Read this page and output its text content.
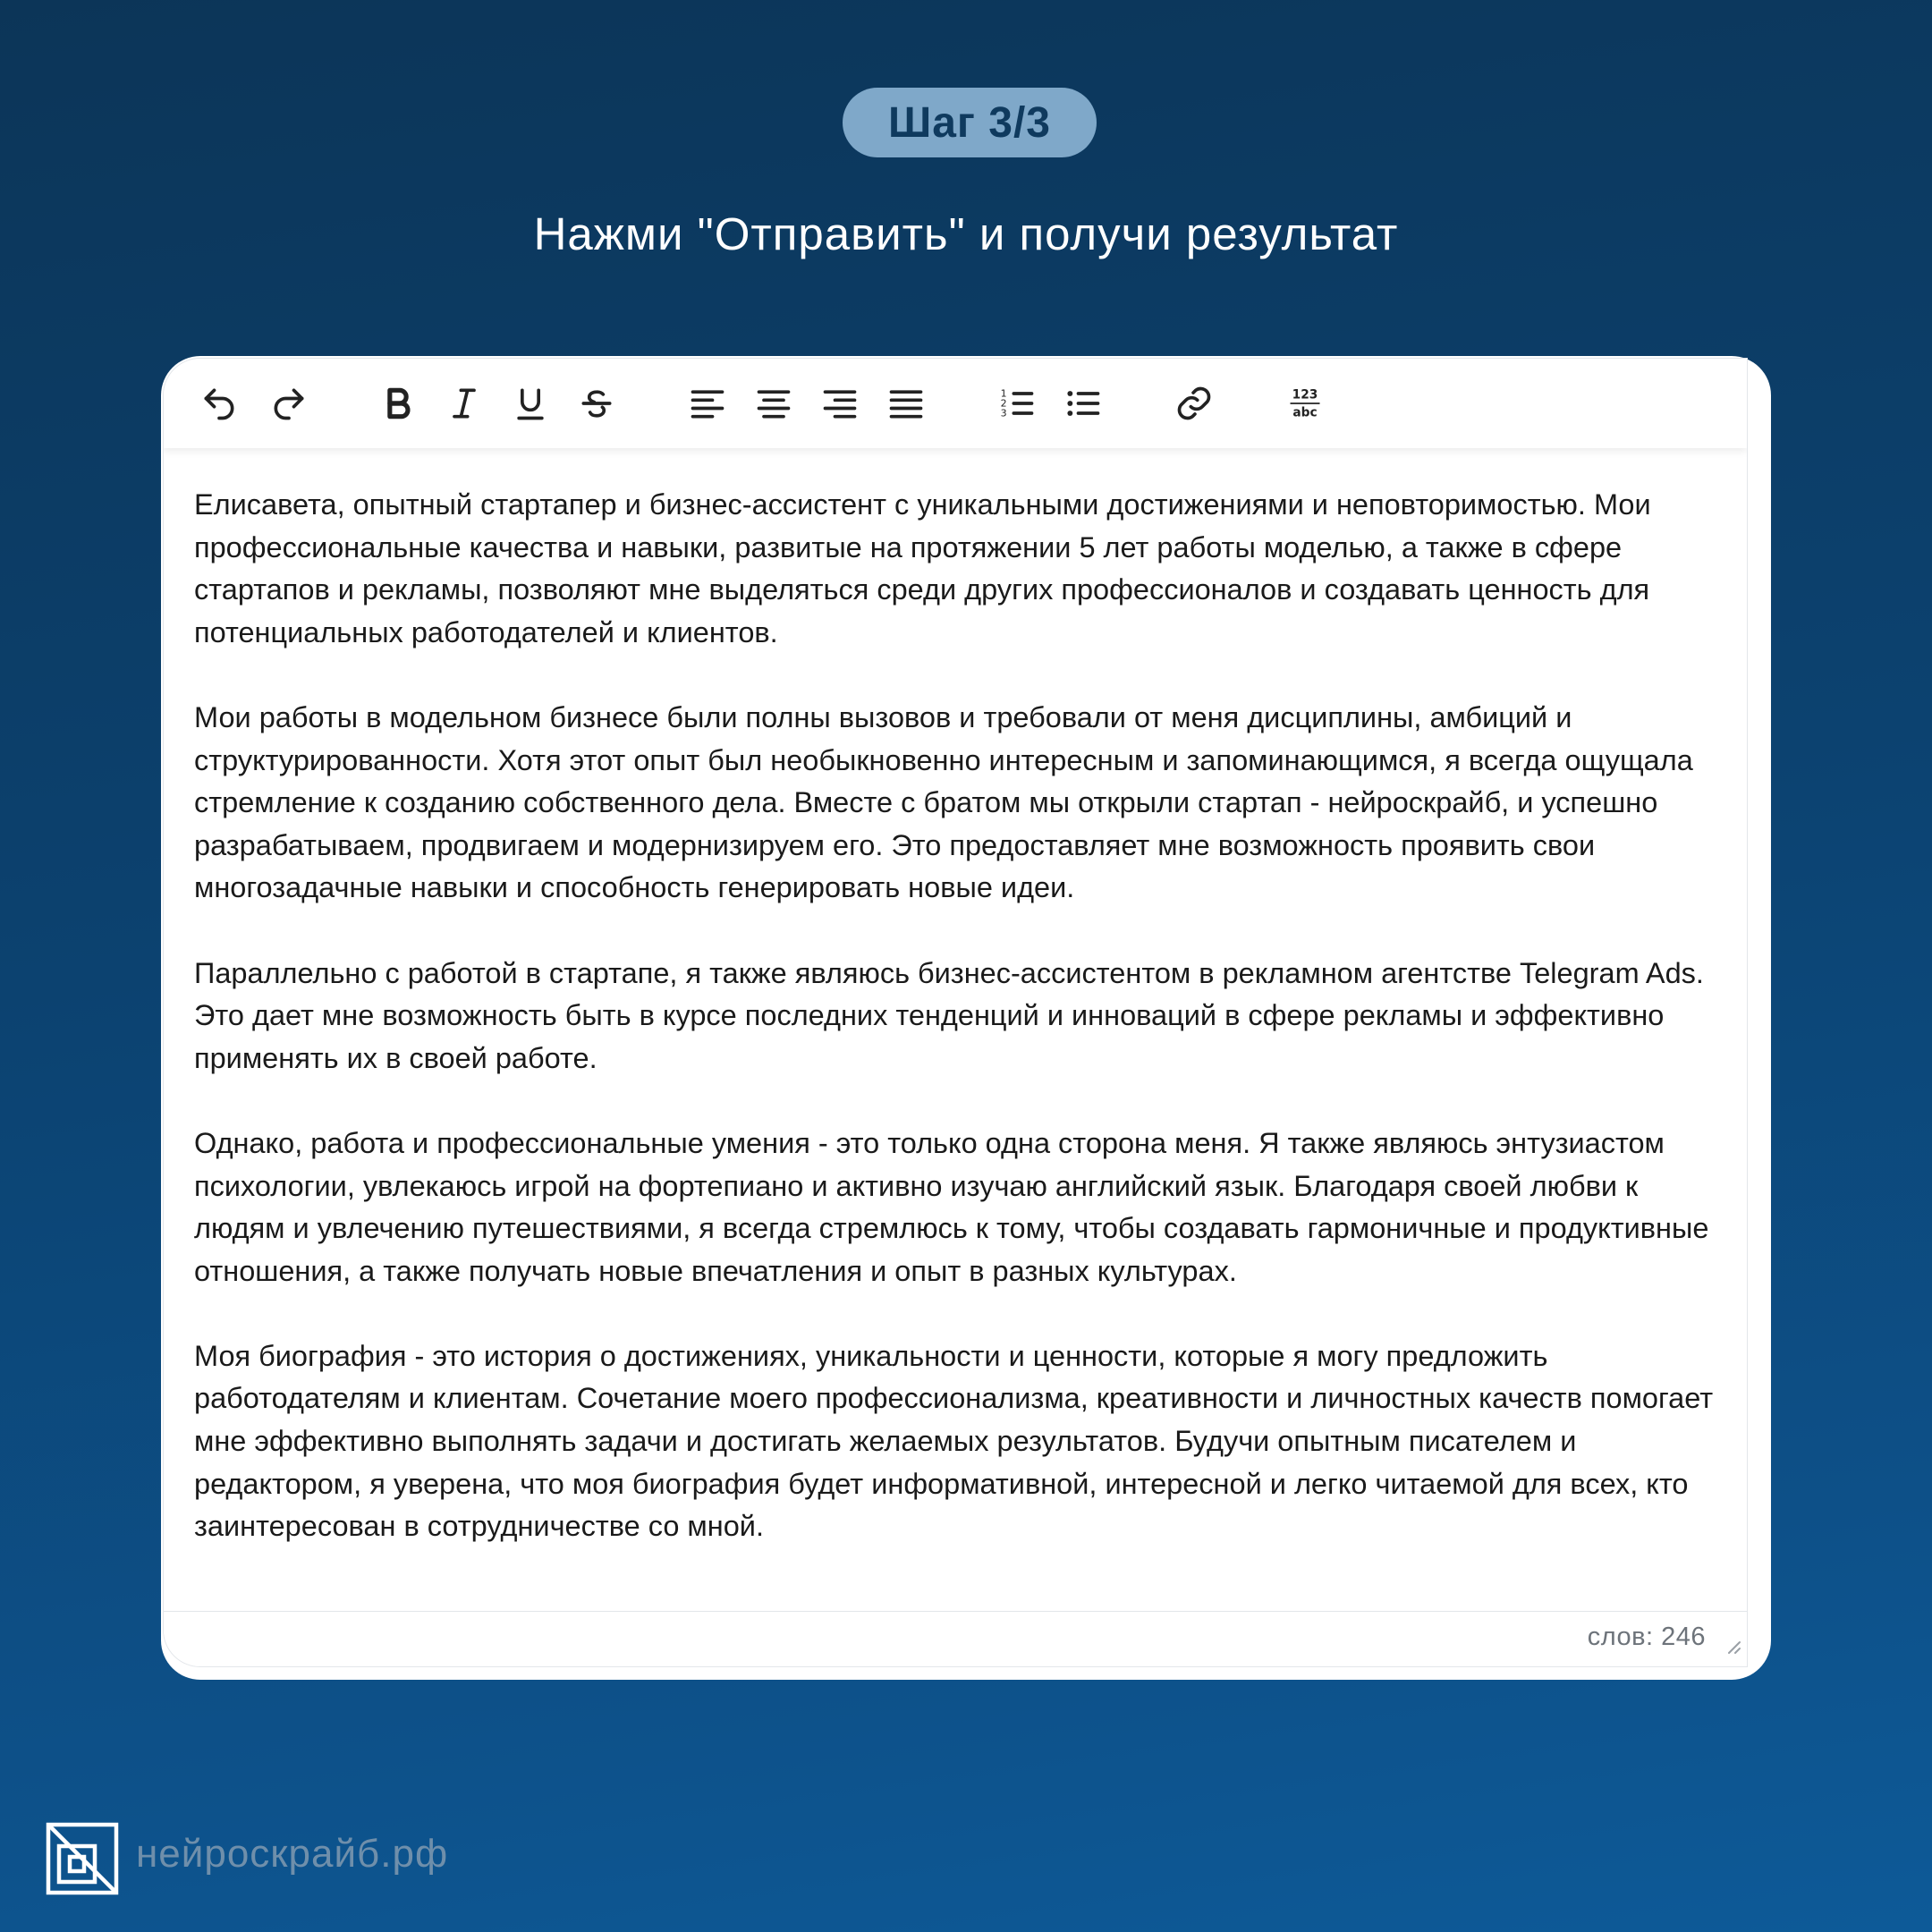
Шаг 3/3
Нажми "Отправить" и получи результат
1
2
3
123
abc

Елисавета, опытный стартапер и бизнес-ассистент с уникальными достижениями и неповторимостью. Мои профессиональные качества и навыки, развитые на протяжении 5 лет работы моделью, а также в сфере стартапов и рекламы, позволяют мне выделяться среди других профессионалов и создавать ценность для потенциальных работодателей и клиентов.

Мои работы в модельном бизнесе были полны вызовов и требовали от меня дисциплины, амбиций и структурированности. Хотя этот опыт был необыкновенно интересным и запоминающимся, я всегда ощущала стремление к созданию собственного дела. Вместе с братом мы открыли стартап - нейроскрайб, и успешно разрабатываем, продвигаем и модернизируем его. Это предоставляет мне возможность проявить свои многозадачные навыки и способность генерировать новые идеи.

Параллельно с работой в стартапе, я также являюсь бизнес-ассистентом в рекламном агентстве Telegram Ads. Это дает мне возможность быть в курсе последних тенденций и инноваций в сфере рекламы и эффективно применять их в своей работе.

Однако, работа и профессиональные умения - это только одна сторона меня. Я также являюсь энтузиастом психологии, увлекаюсь игрой на фортепиано и активно изучаю английский язык. Благодаря своей любви к людям и увлечению путешествиями, я всегда стремлюсь к тому, чтобы создавать гармоничные и продуктивные отношения, а также получать новые впечатления и опыт в разных культурах.

Моя биография - это история о достижениях, уникальности и ценности, которые я могу предложить работодателям и клиентам. Сочетание моего профессионализма, креативности и личностных качеств помогает мне эффективно выполнять задачи и достигать желаемых результатов. Будучи опытным писателем и редактором, я уверена, что моя биография будет информативной, интересной и легко читаемой для всех, кто заинтересован в сотрудничестве со мной.

слов: 246
нейроскрайб.рф
